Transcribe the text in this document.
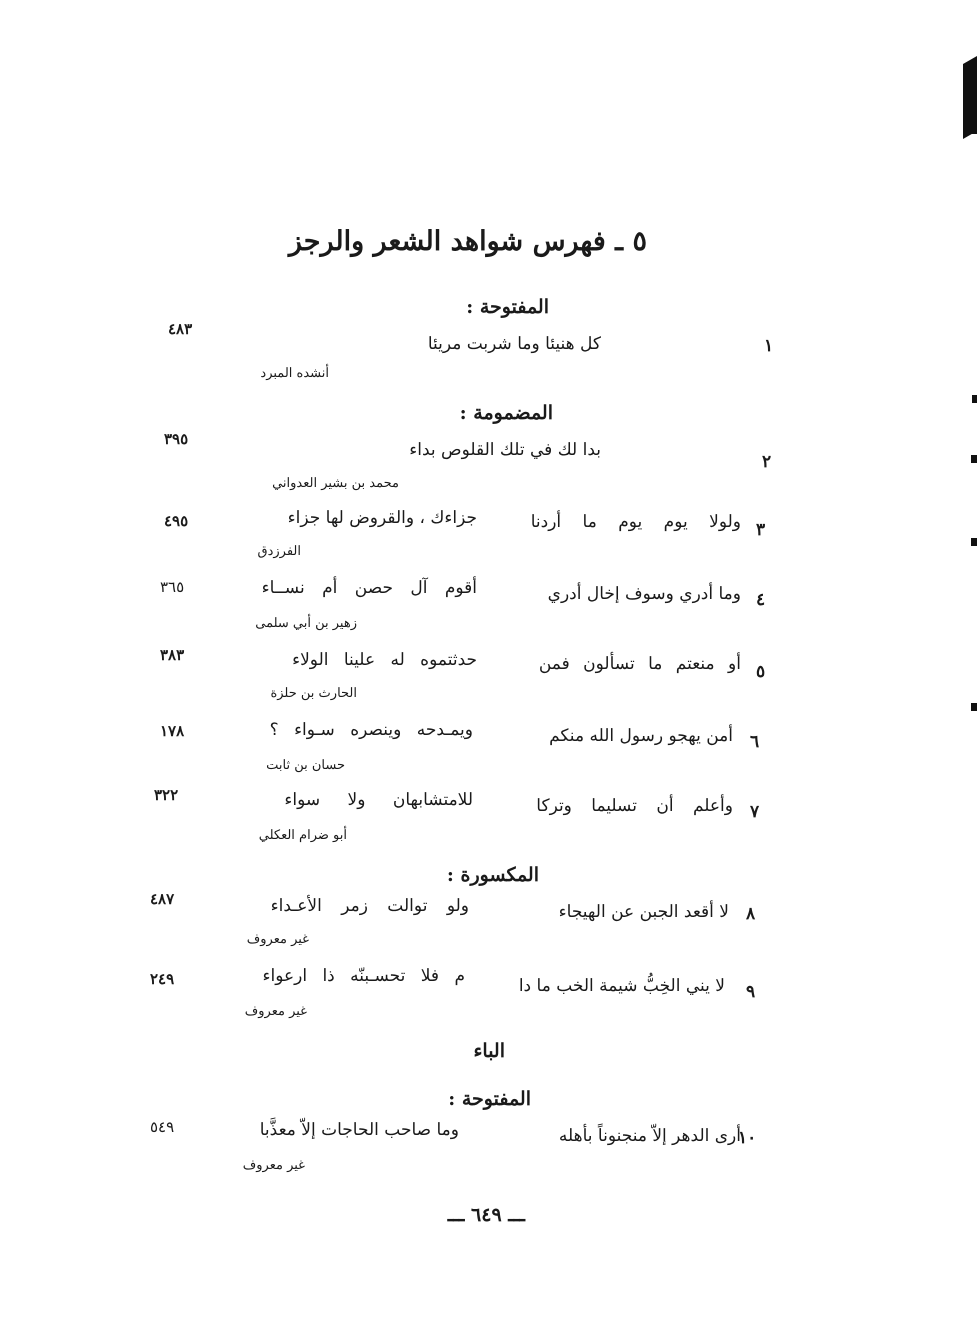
٥ ـ فهرس شواهد الشعر والرجز
المفتوحة :
١
كل هنيئا وما شربت مريئا
أنشده المبرد
٤٨٣
المضمومة :
٢
بدا لك في تلك القلوص بداء
محمد بن بشير العدواني
٣٩٥
٣
ولولا يوم يوم ما أردنا
جزاءك ، والقروض لها جزاء
الفرزدق
٤٩٥
٤
وما أدري وسوف إخال أدري
أقوم آل حصن أم نســاء
زهير بن أبي سلمى
٣٦٥
٥
أو منعتم ما تسألون فمن
حدثتموه له علينا الولاء
الحارث بن حلزة
٣٨٣
٦
أمن يهجو رسول الله منكم
ويمـدحه وينصره سـواء ؟
حسان بن ثابت
١٧٨
٧
وأعلم أن تسليما وتركا
للامتشابهان ولا سواء
أبو ضرام العكلي
٣٢٢
المكسورة :
٨
لا أقعد الجبن عن الهيجاء
ولو توالت زمر الأعـداء
غير معروف
٤٨٧
٩
لا يني الخِبُّ شيمة الخب ما دا
م فلا تحسـبنّه ذا ارعواء
غير معروف
٢٤٩
الباء
المفتوحة :
١٠
أرى الدهر إلاّ منجنوناً بأهله
وما صاحب الحاجات إلاّ معذَّبا
غير معروف
٥٤٩
ـــ ٦٤٩ ـــ
